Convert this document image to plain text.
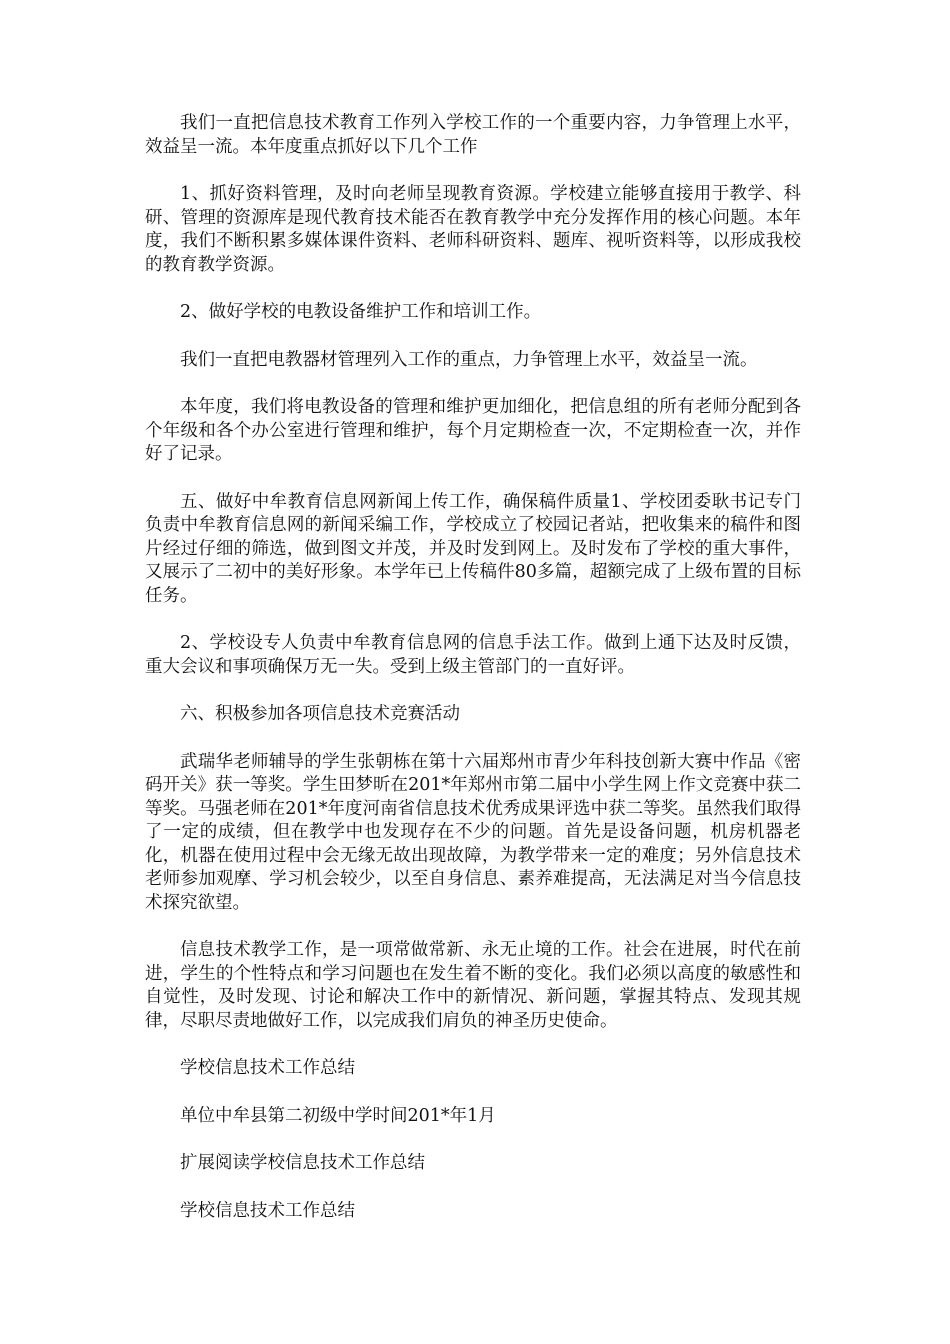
我们一直把信息技术教育工作列入学校工作的一个重要内容，力争管理上水平，效益呈一流。本年度重点抓好以下几个工作

1、抓好资料管理，及时向老师呈现教育资源。学校建立能够直接用于教学、科研、管理的资源库是现代教育技术能否在教育教学中充分发挥作用的核心问题。本年度，我们不断积累多媒体课件资料、老师科研资料、题库、视听资料等，以形成我校的教育教学资源。

2、做好学校的电教设备维护工作和培训工作。

我们一直把电教器材管理列入工作的重点，力争管理上水平，效益呈一流。

本年度，我们将电教设备的管理和维护更加细化，把信息组的所有老师分配到各个年级和各个办公室进行管理和维护，每个月定期检查一次，不定期检查一次，并作好了记录。

五、做好中牟教育信息网新闻上传工作，确保稿件质量1、学校团委耿书记专门负责中牟教育信息网的新闻采编工作，学校成立了校园记者站，把收集来的稿件和图片经过仔细的筛选，做到图文并茂，并及时发到网上。及时发布了学校的重大事件，又展示了二初中的美好形象。本学年已上传稿件80多篇，超额完成了上级布置的目标任务。

2、学校设专人负责中牟教育信息网的信息手法工作。做到上通下达及时反馈，重大会议和事项确保万无一失。受到上级主管部门的一直好评。

六、积极参加各项信息技术竞赛活动

武瑞华老师辅导的学生张朝栋在第十六届郑州市青少年科技创新大赛中作品《密码开关》获一等奖。学生田梦昕在201*年郑州市第二届中小学生网上作文竞赛中获二等奖。马强老师在201*年度河南省信息技术优秀成果评选中获二等奖。虽然我们取得了一定的成绩，但在教学中也发现存在不少的问题。首先是设备问题，机房机器老化，机器在使用过程中会无缘无故出现故障，为教学带来一定的难度；另外信息技术老师参加观摩、学习机会较少，以至自身信息、素养难提高，无法满足对当今信息技术探究欲望。

信息技术教学工作，是一项常做常新、永无止境的工作。社会在进展，时代在前进，学生的个性特点和学习问题也在发生着不断的变化。我们必须以高度的敏感性和自觉性，及时发现、讨论和解决工作中的新情况、新问题，掌握其特点、发现其规律，尽职尽责地做好工作，以完成我们肩负的神圣历史使命。

学校信息技术工作总结

单位中牟县第二初级中学时间201*年1月

扩展阅读学校信息技术工作总结

学校信息技术工作总结
